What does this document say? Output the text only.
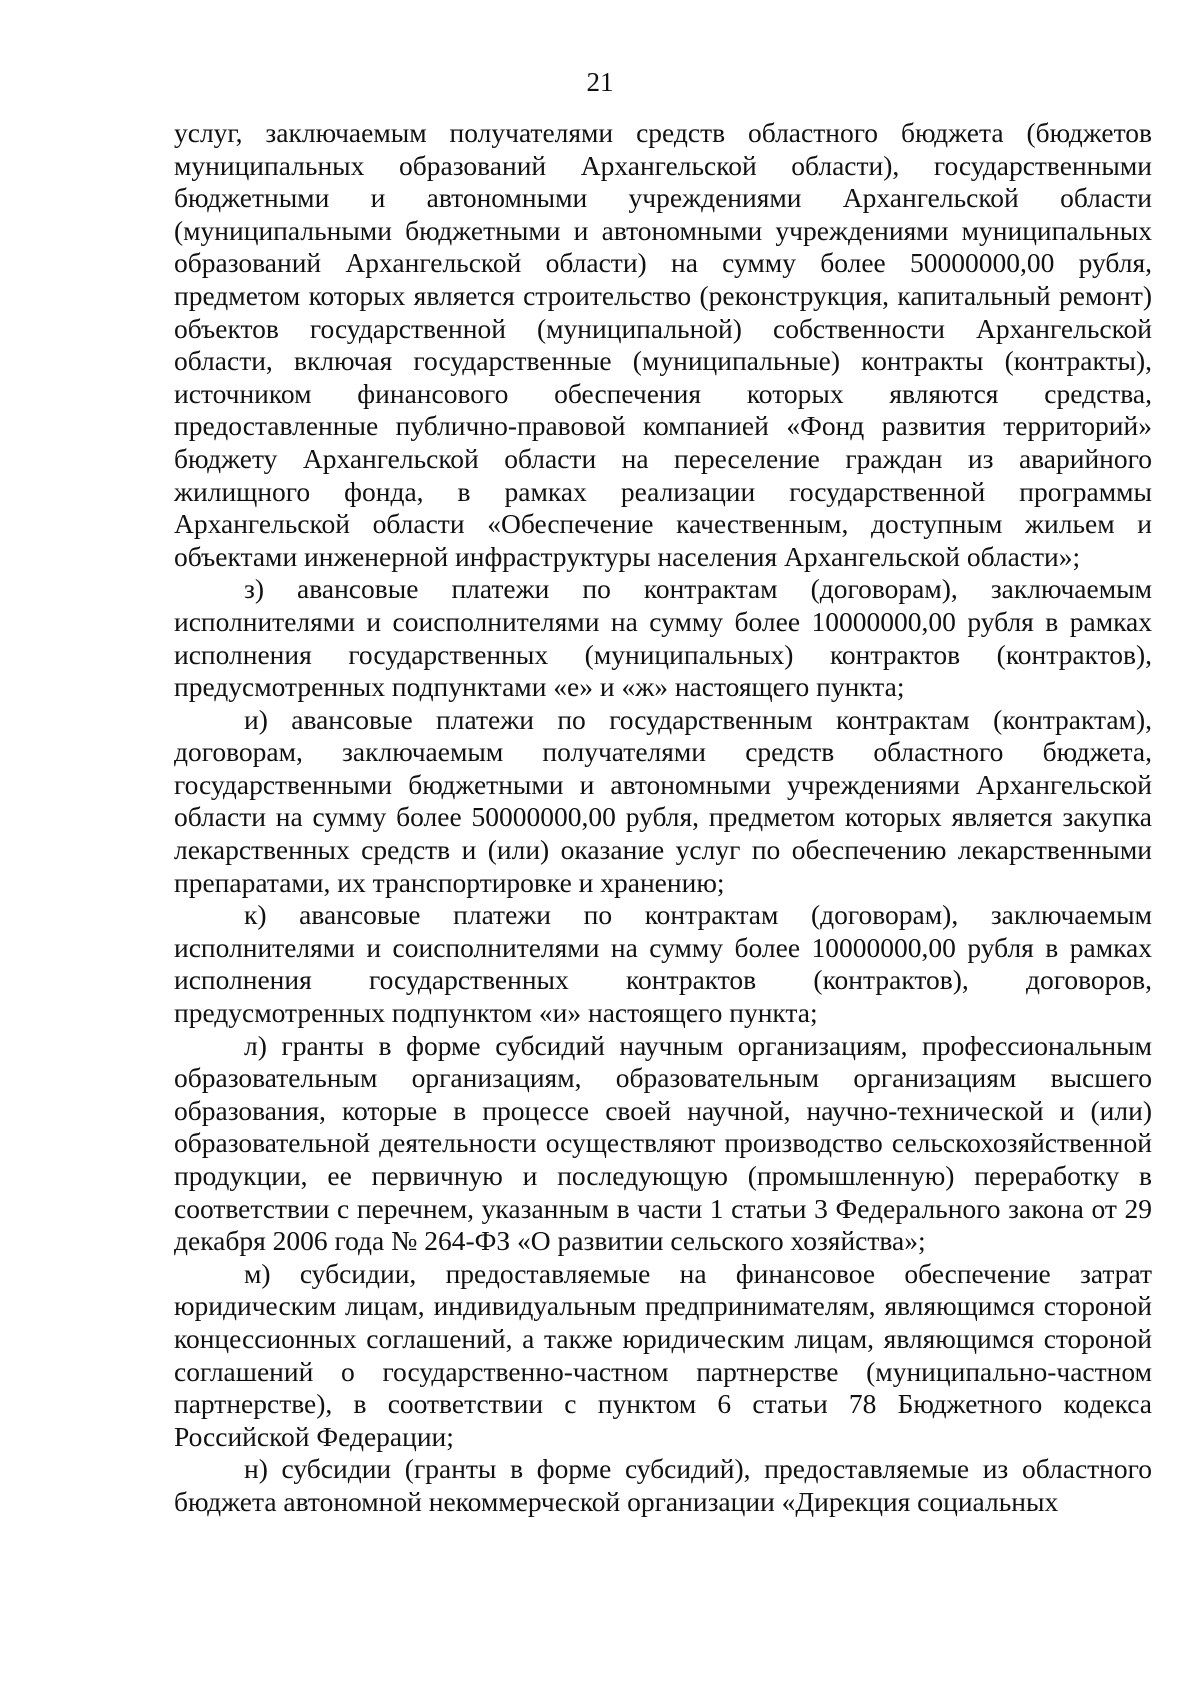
21

услуг, заключаемым получателями средств областного бюджета (бюджетов муниципальных образований Архангельской области), государственными бюджетными и автономными учреждениями Архангельской области (муниципальными бюджетными и автономными учреждениями муниципальных образований Архангельской области) на сумму более 50000000,00 рубля, предметом которых является строительство (реконструкция, капитальный ремонт) объектов государственной (муниципальной) собственности Архангельской области, включая государственные (муниципальные) контракты (контракты), источником финансового обеспечения которых являются средства, предоставленные публично-правовой компанией «Фонд развития территорий» бюджету Архангельской области на переселение граждан из аварийного жилищного фонда, в рамках реализации государственной программы Архангельской области «Обеспечение качественным, доступным жильем и объектами инженерной инфраструктуры населения Архангельской области»;

з) авансовые платежи по контрактам (договорам), заключаемым исполнителями и соисполнителями на сумму более 10000000,00 рубля в рамках исполнения государственных (муниципальных) контрактов (контрактов), предусмотренных подпунктами «е» и «ж» настоящего пункта;

и) авансовые платежи по государственным контрактам (контрактам), договорам, заключаемым получателями средств областного бюджета, государственными бюджетными и автономными учреждениями Архангельской области на сумму более 50000000,00 рубля, предметом которых является закупка лекарственных средств и (или) оказание услуг по обеспечению лекарственными препаратами, их транспортировке и хранению;

к) авансовые платежи по контрактам (договорам), заключаемым исполнителями и соисполнителями на сумму более 10000000,00 рубля в рамках исполнения государственных контрактов (контрактов), договоров, предусмотренных подпунктом «и» настоящего пункта;

л) гранты в форме субсидий научным организациям, профессиональным образовательным организациям, образовательным организациям высшего образования, которые в процессе своей научной, научно-технической и (или) образовательной деятельности осуществляют производство сельскохозяйственной продукции, ее первичную и последующую (промышленную) переработку в соответствии с перечнем, указанным в части 1 статьи 3 Федерального закона от 29 декабря 2006 года № 264-ФЗ «О развитии сельского хозяйства»;

м) субсидии, предоставляемые на финансовое обеспечение затрат юридическим лицам, индивидуальным предпринимателям, являющимся стороной концессионных соглашений, а также юридическим лицам, являющимся стороной соглашений о государственно-частном партнерстве (муниципально-частном партнерстве), в соответствии с пунктом 6 статьи 78 Бюджетного кодекса Российской Федерации;

н) субсидии (гранты в форме субсидий), предоставляемые из областного бюджета автономной некоммерческой организации «Дирекция социальных
